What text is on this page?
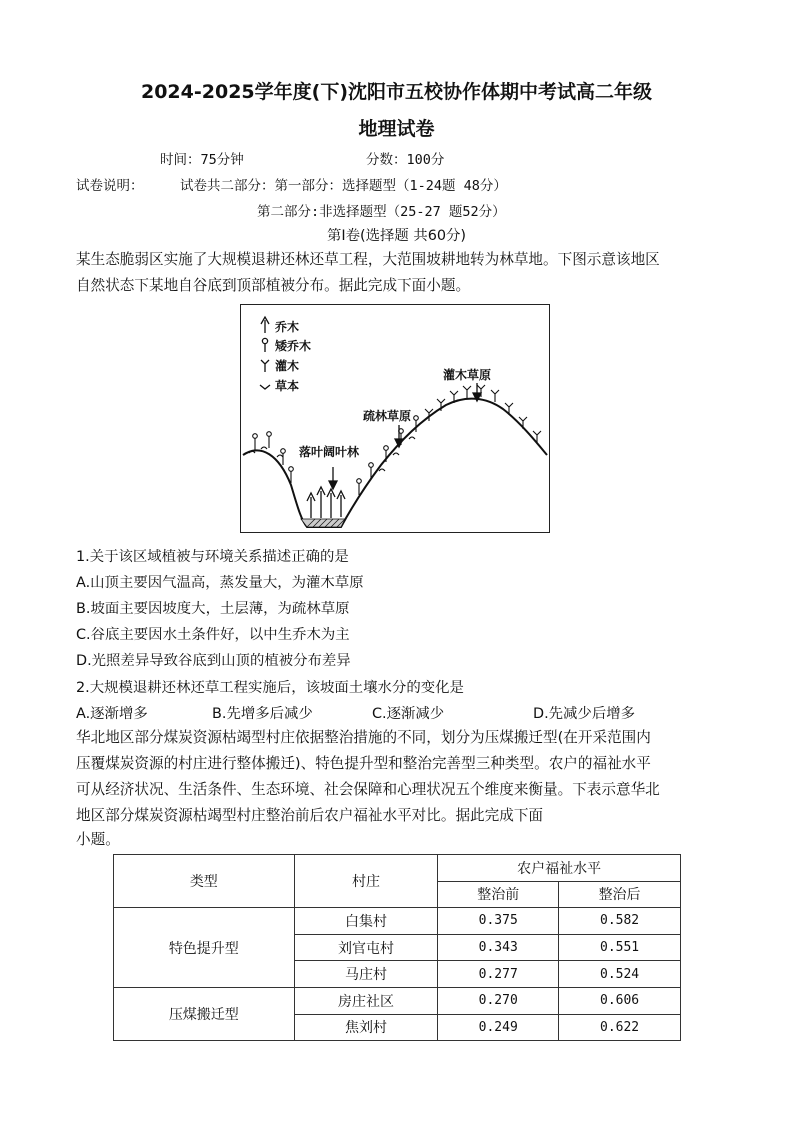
2024-2025学年度(下)沈阳市五校协作体期中考试高二年级
地理试卷
时间：75分钟	分数：100分
试卷说明：	试卷共二部分：第一部分：选择题型（1-24题 48分）
第二部分:非选择题型（25-27 题52分）
第Ⅰ卷(选择题 共60分)
某生态脆弱区实施了大规模退耕还林还草工程，大范围坡耕地转为林草地。下图示意该地区
自然状态下某地自谷底到顶部植被分布。据此完成下面小题。
乔木
矮乔木
灌木
草本
落叶阔叶林
疏林草原
灌木草原
1.关于该区域植被与环境关系描述正确的是
A.山顶主要因气温高，蒸发量大，为灌木草原
B.坡面主要因坡度大，土层薄，为疏林草原
C.谷底主要因水土条件好，以中生乔木为主
D.光照差异导致谷底到山顶的植被分布差异
2.大规模退耕还林还草工程实施后，该坡面土壤水分的变化是
A.逐渐增多	B.先增多后减少	C.逐渐减少	D.先减少后增多
华北地区部分煤炭资源枯竭型村庄依据整治措施的不同，划分为压煤搬迁型(在开采范围内
压覆煤炭资源的村庄进行整体搬迁)、特色提升型和整治完善型三种类型。农户的福祉水平
可从经济状况、生活条件、生态环境、社会保障和心理状况五个维度来衡量。下表示意华北
地区部分煤炭资源枯竭型村庄整治前后农户福祉水平对比。据此完成下面
小题。
类型	村庄	农户福祉水平	
		整治前	整治后
特色提升型	白集村	0.375	0.582
	刘官屯村	0.343	0.551
	马庄村	0.277	0.524
压煤搬迁型	房庄社区	0.270	0.606
	焦刘村	0.249	0.622
